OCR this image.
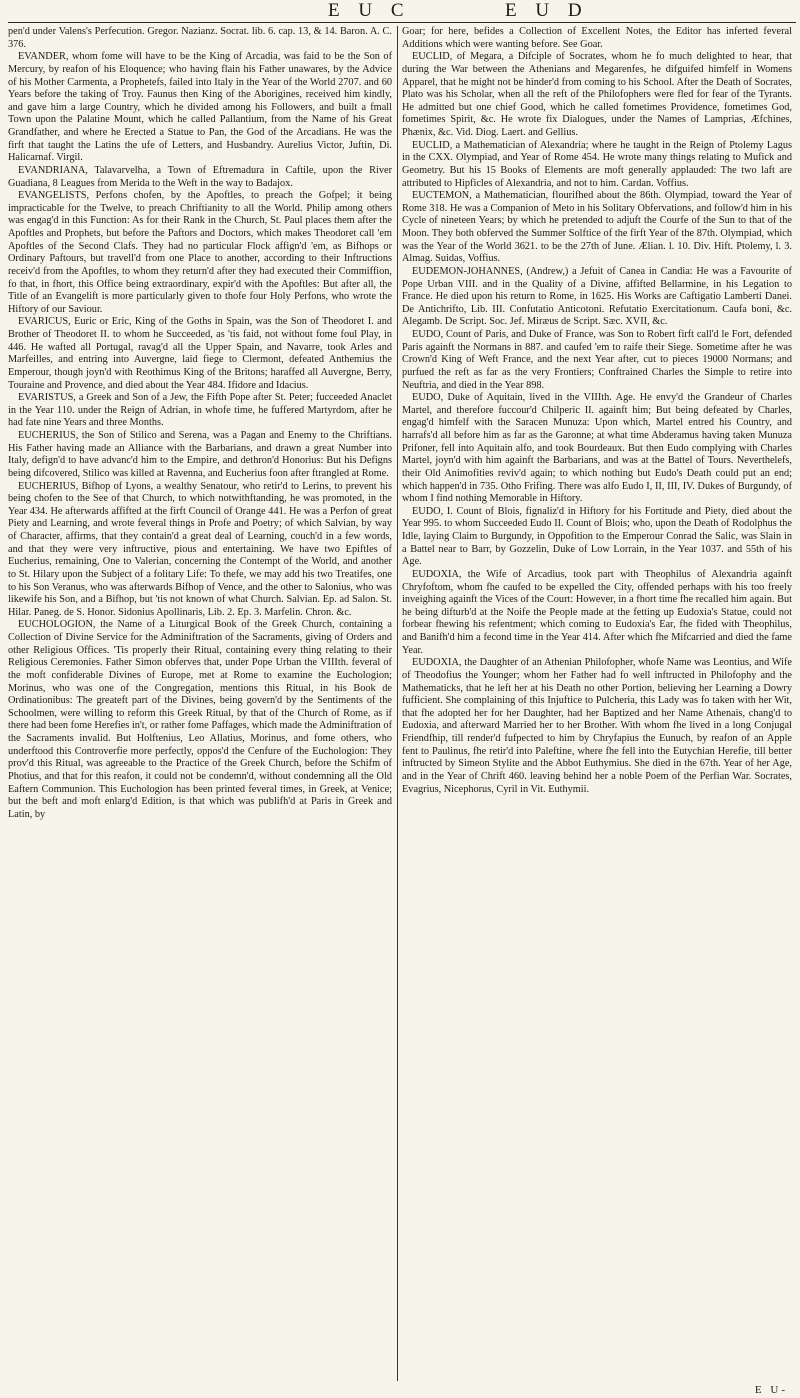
E U C	E U D

pen'd under Valens's Perfecution. Gregor. Nazianz. Socrat. lib. 6. cap. 13, & 14. Baron. A. C. 376.

EVANDER, whom fome will have to be the King of Arcadia, was faid to be the Son of Mercury, by reafon of his Eloquence; who having flain his Father unawares, by the Advice of his Mother Carmenta, a Prophetefs, failed into Italy in the Year of the World 2707. and 60 Years before the taking of Troy. Faunus then King of the Aborigines, received him kindly, and gave him a large Country, which he divided among his Followers, and built a fmall Town upon the Palatine Mount, which he called Pallantium, from the Name of his Great Grandfather, and where he Erected a Statue to Pan, the God of the Arcadians. He was the firft that taught the Latins the ufe of Letters, and Husbandry. Aurelius Victor, Juftin, Di. Halicarnaf. Virgil.

EVANDRIANA, Talavarvelha, a Town of Eftremadura in Caftile, upon the River Guadiana, 8 Leagues from Merida to the Weft in the way to Badajox.

EVANGELISTS, Perfons chofen, by the Apoftles, to preach the Gofpel; it being impracticable for the Twelve, to preach Chriftianity to all the World. Philip among others was engag'd in this Function: As for their Rank in the Church, St. Paul places them after the Apoftles and Prophets, but before the Paftors and Doctors, which makes Theodoret call 'em Apoftles of the Second Clafs. They had no particular Flock affign'd 'em, as Bifhops or Ordinary Paftours, but travell'd from one Place to another, according to their Inftructions receiv'd from the Apoftles, to whom they return'd after they had executed their Commiffion, fo that, in fhort, this Office being extraordinary, expir'd with the Apoftles: But after all, the Title of an Evangelift is more particularly given to thofe four Holy Perfons, who wrote the Hiftory of our Saviour.

EVARICUS, Euric or Eric, King of the Goths in Spain, was the Son of Theodoret I. and Brother of Theodoret II. to whom he Succeeded, as 'tis faid, not without fome foul Play, in 446. He wafted all Portugal, ravag'd all the Upper Spain, and Navarre, took Arles and Marfeilles, and entring into Auvergne, laid fiege to Clermont, defeated Anthemius the Emperour, though joyn'd with Reothimus King of the Britons; haraffed all Auvergne, Berry, Touraine and Provence, and died about the Year 484. Ifidore and Idacius.

EVARISTUS, a Greek and Son of a Jew, the Fifth Pope after St. Peter; fucceeded Anaclet in the Year 110. under the Reign of Adrian, in whofe time, he fuffered Martyrdom, after he had fate nine Years and three Months.

EUCHERIUS, the Son of Stilico and Serena, was a Pagan and Enemy to the Chriftians. His Father having made an Alliance with the Barbarians, and drawn a great Number into Italy, defign'd to have advanc'd him to the Empire, and dethron'd Honorius: But his Defigns being difcovered, Stilico was killed at Ravenna, and Eucherius foon after ftrangled at Rome.

EUCHERIUS, Bifhop of Lyons, a wealthy Senatour, who retir'd to Lerins, to prevent his being chofen to the See of that Church, to which notwithftanding, he was promoted, in the Year 434. He afterwards affifted at the firft Council of Orange 441. He was a Perfon of great Piety and Learning, and wrote feveral things in Profe and Poetry; of which Salvian, by way of Character, affirms, that they contain'd a great deal of Learning, couch'd in a few words, and that they were very inftructive, pious and entertaining. We have two Epiftles of Eucherius, remaining, One to Valerian, concerning the Contempt of the World, and another to St. Hilary upon the Subject of a folitary Life: To thefe, we may add his two Treatifes, one to his Son Veranus, who was afterwards Bifhop of Vence, and the other to Salonius, who was likewife his Son, and a Bifhop, but 'tis not known of what Church. Salvian. Ep. ad Salon. St. Hilar. Paneg. de S. Honor. Sidonius Apollinaris, Lib. 2. Ep. 3. Marfelin. Chron. &c.

EUCHOLOGION, the Name of a Liturgical Book of the Greek Church, containing a Collection of Divine Service for the Adminiftration of the Sacraments, giving of Orders and other Religious Offices. 'Tis properly their Ritual, containing every thing relating to their Religious Ceremonies. Father Simon obferves that, under Pope Urban the VIIIth. feveral of the moft confiderable Divines of Europe, met at Rome to examine the Euchologion; Morinus, who was one of the Congregation, mentions this Ritual, in his Book de Ordinationibus: The greateft part of the Divines, being govern'd by the Sentiments of the Schoolmen, were willing to reform this Greek Ritual, by that of the Church of Rome, as if there had been fome Herefies in't, or rather fome Paffages, which made the Adminiftration of the Sacraments invalid. But Holftenius, Leo Allatius, Morinus, and fome others, who underftood this Controverfie more perfectly, oppos'd the Cenfure of the Euchologion: They prov'd this Ritual, was agreeable to the Practice of the Greek Church, before the Schifm of Photius, and that for this reafon, it could not be condemn'd, without condemning all the Old Eaftern Communion. This Euchologion has been printed feveral times, in Greek, at Venice; but the beft and moft enlarg'd Edition, is that which was publifh'd at Paris in Greek and Latin, by

Goar; for here, befides a Collection of Excellent Notes, the Editor has inferted feveral Additions which were wanting before. See Goar.

EUCLID, of Megara, a Difciple of Socrates, whom he fo much delighted to hear, that during the War between the Athenians and Megarenfes, he difguifed himfelf in Womens Apparel, that he might not be hinder'd from coming to his School. After the Death of Socrates, Plato was his Scholar, when all the reft of the Philofophers were fled for fear of the Tyrants. He admitted but one chief Good, which he called fometimes Providence, fometimes God, fometimes Spirit, &c. He wrote fix Dialogues, under the Names of Lamprias, Æfchines, Phænix, &c. Vid. Diog. Laert. and Gellius.

EUCLID, a Mathematician of Alexandria; where he taught in the Reign of Ptolemy Lagus in the CXX. Olympiad, and Year of Rome 454. He wrote many things relating to Mufick and Geometry. But his 15 Books of Elements are moft generally applauded: The two laft are attributed to Hipficles of Alexandria, and not to him. Cardan. Voffius.

EUCTEMON, a Mathematician, flourifhed about the 86th. Olympiad, toward the Year of Rome 318. He was a Companion of Meto in his Solitary Obfervations, and follow'd him in his Cycle of nineteen Years; by which he pretended to adjuft the Courfe of the Sun to that of the Moon. They both obferved the Summer Solftice of the firft Year of the 87th. Olympiad, which was the Year of the World 3621. to be the 27th of June. Ælian. l. 10. Div. Hift. Ptolemy, l. 3. Almag. Suidas, Voffius.

EUDEMON-JOHANNES, (Andrew,) a Jefuit of Canea in Candia: He was a Favourite of Pope Urban VIII. and in the Quality of a Divine, affifted Bellarmine, in his Legation to France. He died upon his return to Rome, in 1625. His Works are Caftigatio Lamberti Danei. De Antichrifto, Lib. III. Confutatio Anticotoni. Refutatio Exercitationum. Caufa boni, &c. Alegamb. De Script. Soc. Jef. Miræus de Script. Sæc. XVII, &c.

EUDO, Count of Paris, and Duke of France, was Son to Robert firft call'd le Fort, defended Paris againft the Normans in 887. and caufed 'em to raife their Siege. Sometime after he was Crown'd King of Weft France, and the next Year after, cut to pieces 19000 Normans; and purfued the reft as far as the very Frontiers; Conftrained Charles the Simple to retire into Neuftria, and died in the Year 898.

EUDO, Duke of Aquitain, lived in the VIIIth. Age. He envy'd the Grandeur of Charles Martel, and therefore fuccour'd Chilperic II. againft him; But being defeated by Charles, engag'd himfelf with the Saracen Munuza: Upon which, Martel entred his Country, and harrafs'd all before him as far as the Garonne; at what time Abderamus having taken Munuza Prifoner, fell into Aquitain alfo, and took Bourdeaux. But then Eudo complying with Charles Martel, joyn'd with him againft the Barbarians, and was at the Battel of Tours. Neverthelefs, their Old Animofities reviv'd again; to which nothing but Eudo's Death could put an end; which happen'd in 735. Otho Frifing. There was alfo Eudo I, II, III, IV. Dukes of Burgundy, of whom I find nothing Memorable in Hiftory.

EUDO, I. Count of Blois, fignaliz'd in Hiftory for his Fortitude and Piety, died about the Year 995. to whom Succeeded Eudo II. Count of Blois; who, upon the Death of Rodolphus the Idle, laying Claim to Burgundy, in Oppofition to the Emperour Conrad the Salic, was Slain in a Battel near to Barr, by Gozzelin, Duke of Low Lorrain, in the Year 1037. and 55th of his Age.

EUDOXIA, the Wife of Arcadius, took part with Theophilus of Alexandria againft Chryfoftom, whom fhe caufed to be expelled the City, offended perhaps with his too freely inveighing againft the Vices of the Court: However, in a fhort time fhe recalled him again. But he being difturb'd at the Noife the People made at the fetting up Eudoxia's Statue, could not forbear fhewing his refentment; which coming to Eudoxia's Ear, fhe fided with Theophilus, and Banifh'd him a fecond time in the Year 414. After which fhe Mifcarried and died the fame Year.

EUDOXIA, the Daughter of an Athenian Philofopher, whofe Name was Leontius, and Wife of Theodofius the Younger; whom her Father had fo well inftructed in Philofophy and the Mathematicks, that he left her at his Death no other Portion, believing her Learning a Dowry fufficient. She complaining of this Injuftice to Pulcheria, this Lady was fo taken with her Wit, that fhe adopted her for her Daughter, had her Baptized and her Name Athenais, chang'd to Eudoxia, and afterward Married her to her Brother. With whom fhe lived in a long Conjugal Friendfhip, till render'd fufpected to him by Chryfapius the Eunuch, by reafon of an Apple fent to Paulinus, fhe retir'd into Paleftine, where fhe fell into the Eutychian Herefie, till better inftructed by Simeon Stylite and the Abbot Euthymius. She died in the 67th. Year of her Age, and in the Year of Chrift 460. leaving behind her a noble Poem of the Perfian War. Socrates, Evagrius, Nicephorus, Cyril in Vit. Euthymii.

E U-
